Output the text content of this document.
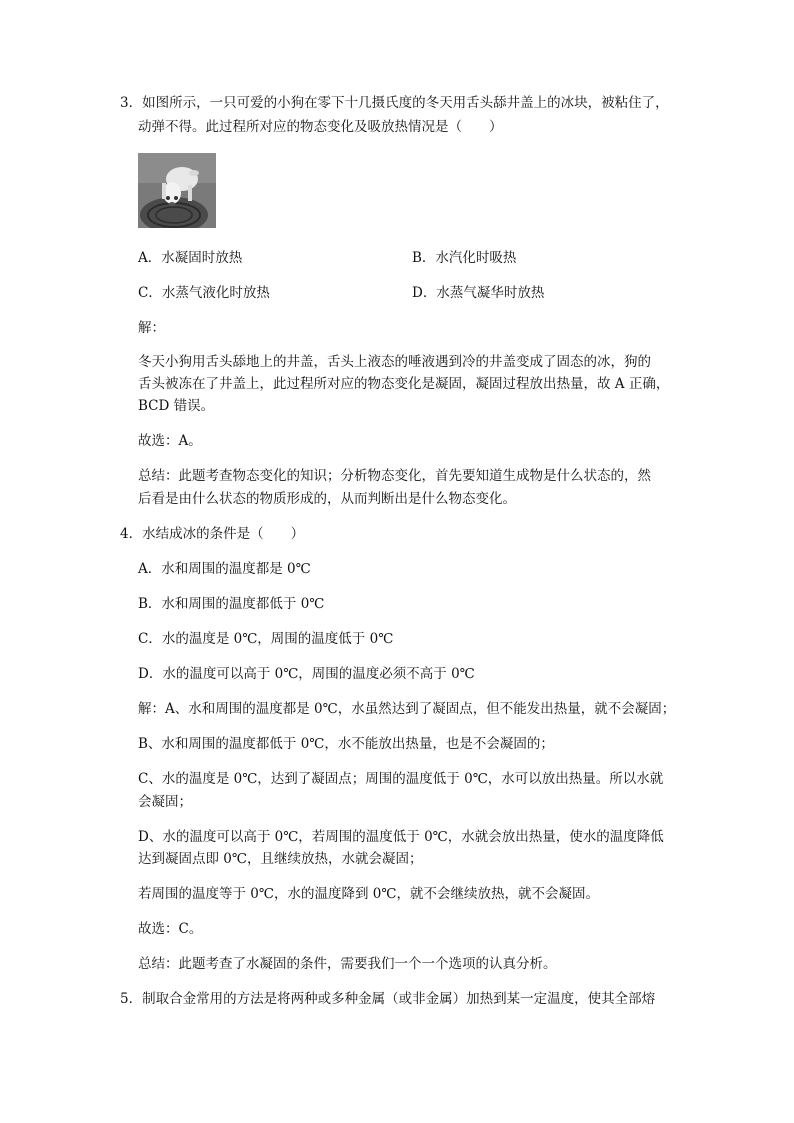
3．如图所示，一只可爱的小狗在零下十几摄氏度的冬天用舌头舔井盖上的冰块，被粘住了，
动弹不得。此过程所对应的物态变化及吸放热情况是（　　）
A．水凝固时放热	B．水汽化时吸热
C．水蒸气液化时放热	D．水蒸气凝华时放热
解：
冬天小狗用舌头舔地上的井盖，舌头上液态的唾液遇到冷的井盖变成了固态的冰，狗的
舌头被冻在了井盖上，此过程所对应的物态变化是凝固，凝固过程放出热量，故 A 正确，
BCD 错误。
故选：A。
总结：此题考查物态变化的知识；分析物态变化，首先要知道生成物是什么状态的，然
后看是由什么状态的物质形成的，从而判断出是什么物态变化。
4．水结成冰的条件是（　　）
A．水和周围的温度都是 0℃
B．水和周围的温度都低于 0℃
C．水的温度是 0℃，周围的温度低于 0℃
D．水的温度可以高于 0℃，周围的温度必须不高于 0℃
解：A、水和周围的温度都是 0℃，水虽然达到了凝固点，但不能发出热量，就不会凝固；
B、水和周围的温度都低于 0℃，水不能放出热量，也是不会凝固的；
C、水的温度是 0℃，达到了凝固点；周围的温度低于 0℃，水可以放出热量。所以水就
会凝固；
D、水的温度可以高于 0℃，若周围的温度低于 0℃，水就会放出热量，使水的温度降低
达到凝固点即 0℃，且继续放热，水就会凝固；
若周围的温度等于 0℃，水的温度降到 0℃，就不会继续放热，就不会凝固。
故选：C。
总结：此题考查了水凝固的条件，需要我们一个一个选项的认真分析。
5．制取合金常用的方法是将两种或多种金属（或非金属）加热到某一定温度，使其全部熔
